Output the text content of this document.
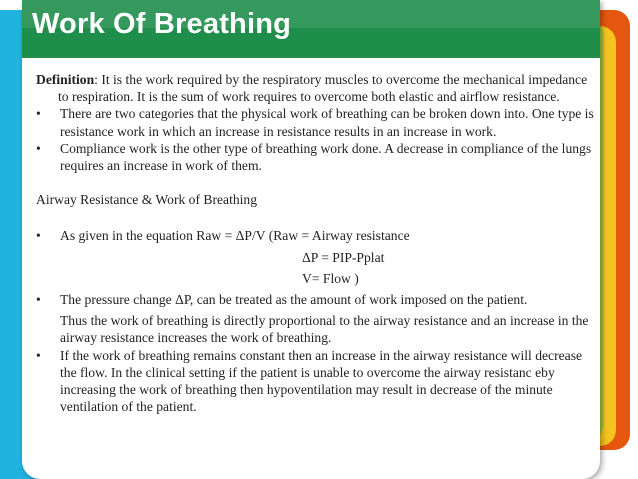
Work Of Breathing
Definition: It is the work required by the respiratory muscles to overcome the mechanical impedance to respiration. It is the sum of work requires to overcome both elastic and airflow resistance.
• There are two categories that the physical work of breathing can be broken down into. One type is resistance work in which an increase in resistance results in an increase in work.
• Compliance work is the other type of breathing work done. A decrease in compliance of the lungs requires an increase in work of them.
Airway Resistance & Work of Breathing
• As given in the equation Raw = ΔP/V (Raw = Airway resistance
ΔP = PIP-Pplat
V= Flow )
• The pressure change ΔP, can be treated as the amount of work imposed on the patient.
Thus the work of breathing is directly proportional to the airway resistance and an increase in the airway resistance increases the work of breathing.
• If the work of breathing remains constant then an increase in the airway resistance will decrease the flow. In the clinical setting if the patient is unable to overcome the airway resistanc eby increasing the work of breathing then hypoventilation may result in decrease of the minute ventilation of the patient.
